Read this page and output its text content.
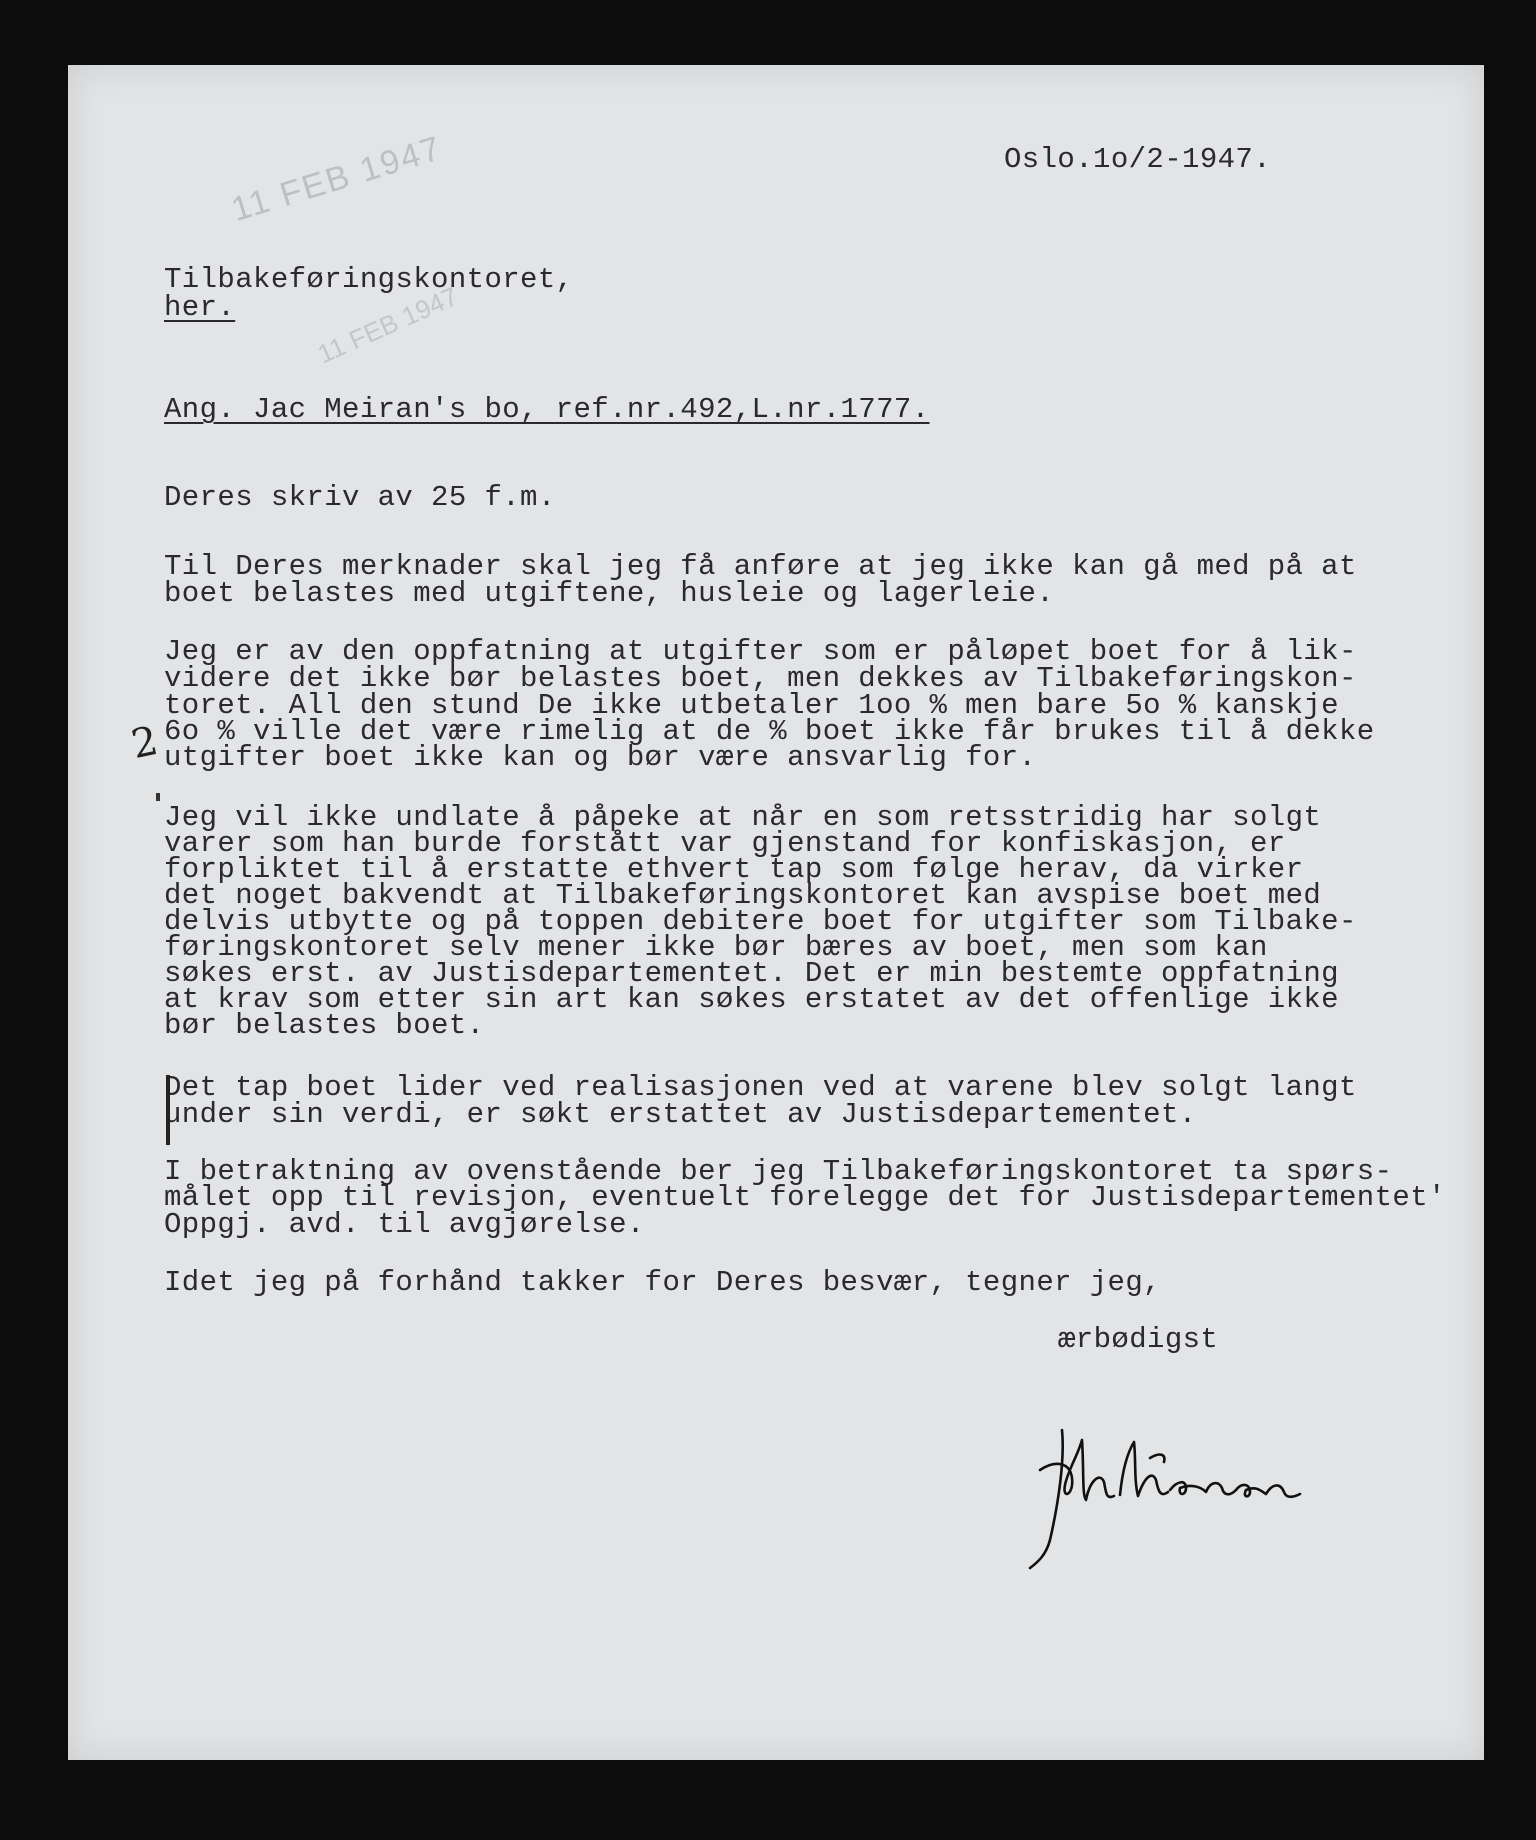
11 FEB 1947
11 FEB 1947
Oslo.1o/2-1947.
Tilbakeføringskontoret,
her.
Ang. Jac Meiran's bo, ref.nr.492,L.nr.1777.
Deres skriv av 25 f.m.
Til Deres merknader skal jeg få anføre at jeg ikke kan gå med på at
boet belastes med utgiftene, husleie og lagerleie.
Jeg er av den oppfatning at utgifter som er påløpet boet for å lik-
videre det ikke bør belastes boet, men dekkes av Tilbakeføringskon-
toret. All den stund De ikke utbetaler 1oo % men bare 5o % kanskje
6o % ville det være rimelig at de % boet ikke får brukes til å dekke
utgifter boet ikke kan og bør være ansvarlig for.
Jeg vil ikke undlate å påpeke at når en som retsstridig har solgt
varer som han burde forstått var gjenstand for konfiskasjon, er
forpliktet til å erstatte ethvert tap som følge herav, da virker
det noget bakvendt at Tilbakeføringskontoret kan avspise boet med
delvis utbytte og på toppen debitere boet for utgifter som Tilbake-
føringskontoret selv mener ikke bør bæres av boet, men som kan
søkes erst. av Justisdepartementet. Det er min bestemte oppfatning
at krav som etter sin art kan søkes erstatet av det offenlige ikke
bør belastes boet.
Det tap boet lider ved realisasjonen ved at varene blev solgt langt
under sin verdi, er søkt erstattet av Justisdepartementet.
I betraktning av ovenstående ber jeg Tilbakeføringskontoret ta spørs-
målet opp til revisjon, eventuelt forelegge det for Justisdepartementet'
Oppgj. avd. til avgjørelse.
Idet jeg på forhånd takker for Deres besvær, tegner jeg,
ærbødigst
2
